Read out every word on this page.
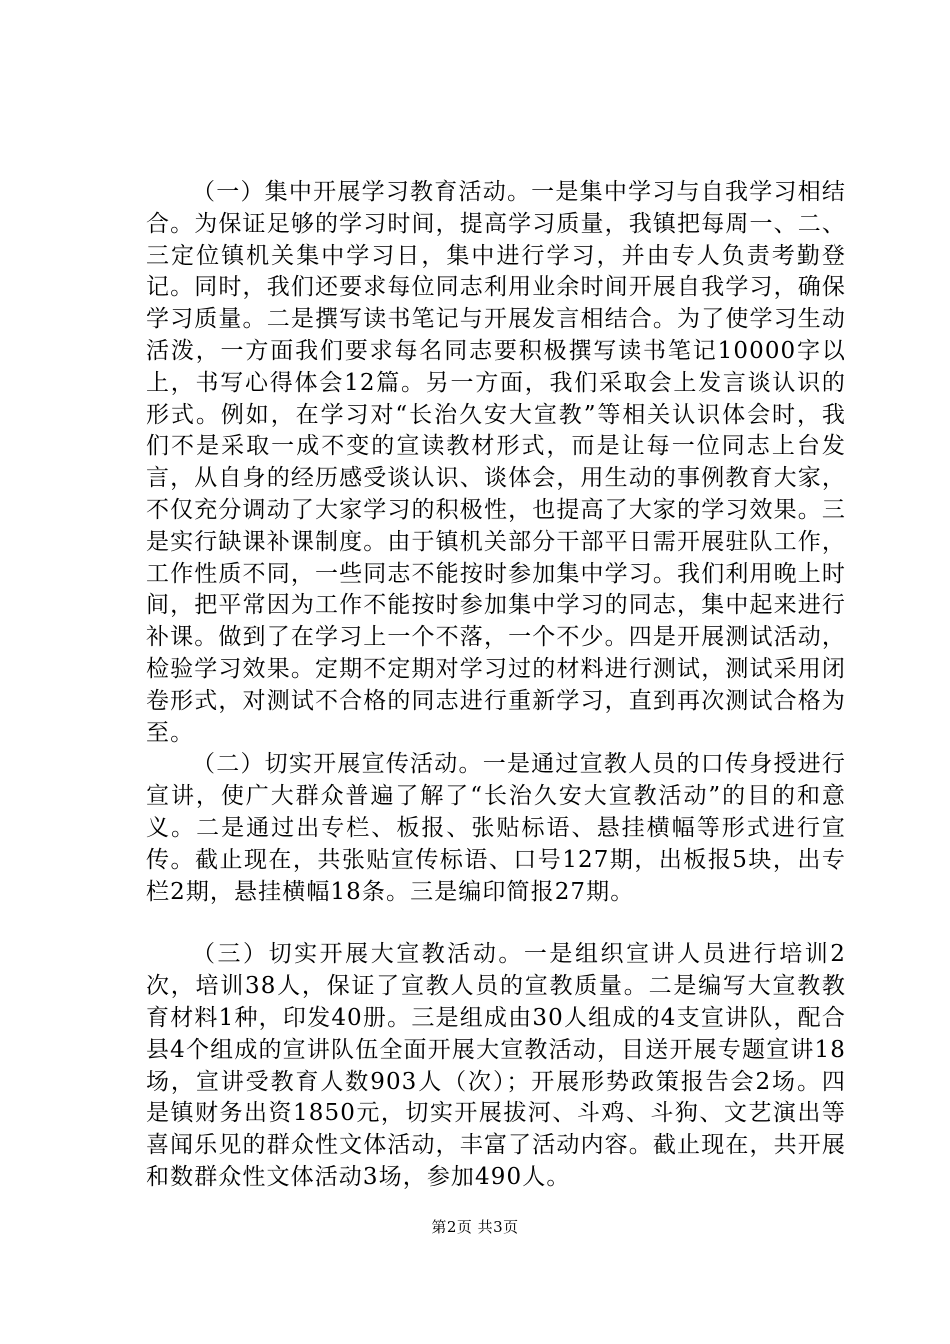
（一）集中开展学习教育活动。一是集中学习与自我学习相结合。为保证足够的学习时间，提高学习质量，我镇把每周一、二、三定位镇机关集中学习日，集中进行学习，并由专人负责考勤登记。同时，我们还要求每位同志利用业余时间开展自我学习，确保学习质量。二是撰写读书笔记与开展发言相结合。为了使学习生动活泼，一方面我们要求每名同志要积极撰写读书笔记10000字以上，书写心得体会12篇。另一方面，我们采取会上发言谈认识的形式。例如，在学习对“长治久安大宣教”等相关认识体会时，我们不是采取一成不变的宣读教材形式，而是让每一位同志上台发言，从自身的经历感受谈认识、谈体会，用生动的事例教育大家，不仅充分调动了大家学习的积极性，也提高了大家的学习效果。三是实行缺课补课制度。由于镇机关部分干部平日需开展驻队工作，工作性质不同，一些同志不能按时参加集中学习。我们利用晚上时间，把平常因为工作不能按时参加集中学习的同志，集中起来进行补课。做到了在学习上一个不落，一个不少。四是开展测试活动，检验学习效果。定期不定期对学习过的材料进行测试，测试采用闭卷形式，对测试不合格的同志进行重新学习，直到再次测试合格为至。

（二）切实开展宣传活动。一是通过宣教人员的口传身授进行宣讲，使广大群众普遍了解了“长治久安大宣教活动”的目的和意义。二是通过出专栏、板报、张贴标语、悬挂横幅等形式进行宣传。截止现在，共张贴宣传标语、口号127期，出板报5块，出专栏2期，悬挂横幅18条。三是编印简报27期。

（三）切实开展大宣教活动。一是组织宣讲人员进行培训2次，培训38人，保证了宣教人员的宣教质量。二是编写大宣教教育材料1种，印发40册。三是组成由30人组成的4支宣讲队，配合县4个组成的宣讲队伍全面开展大宣教活动，目送开展专题宣讲18场，宣讲受教育人数903人（次）；开展形势政策报告会2场。四是镇财务出资1850元，切实开展拔河、斗鸡、斗狗、文艺演出等喜闻乐见的群众性文体活动，丰富了活动内容。截止现在，共开展和数群众性文体活动3场，参加490人。

第2页 共3页
